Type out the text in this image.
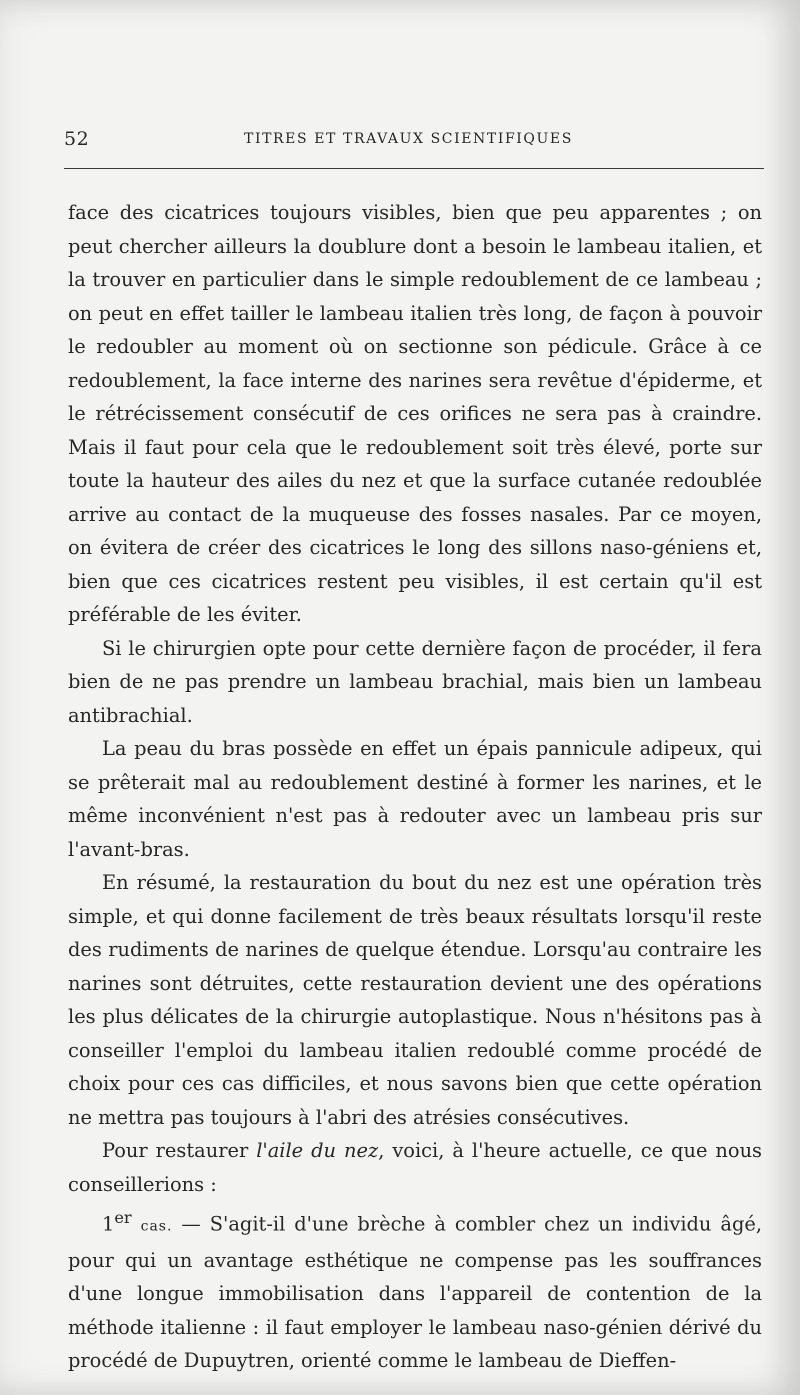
52	TITRES ET TRAVAUX SCIENTIFIQUES

face des cicatrices toujours visibles, bien que peu apparentes ; on peut chercher ailleurs la doublure dont a besoin le lambeau italien, et la trouver en particulier dans le simple redoublement de ce lambeau ; on peut en effet tailler le lambeau italien très long, de façon à pouvoir le redoubler au moment où on sectionne son pédicule. Grâce à ce redoublement, la face interne des narines sera revêtue d'épiderme, et le rétrécissement consécutif de ces orifices ne sera pas à craindre. Mais il faut pour cela que le redoublement soit très élevé, porte sur toute la hauteur des ailes du nez et que la surface cutanée redoublée arrive au contact de la muqueuse des fosses nasales. Par ce moyen, on évitera de créer des cicatrices le long des sillons naso-géniens et, bien que ces cicatrices restent peu visibles, il est certain qu'il est préférable de les éviter.

Si le chirurgien opte pour cette dernière façon de procéder, il fera bien de ne pas prendre un lambeau brachial, mais bien un lambeau antibrachial.

La peau du bras possède en effet un épais pannicule adipeux, qui se prêterait mal au redoublement destiné à former les narines, et le même inconvénient n'est pas à redouter avec un lambeau pris sur l'avant-bras.

En résumé, la restauration du bout du nez est une opération très simple, et qui donne facilement de très beaux résultats lorsqu'il reste des rudiments de narines de quelque étendue. Lorsqu'au contraire les narines sont détruites, cette restauration devient une des opérations les plus délicates de la chirurgie autoplastique. Nous n'hésitons pas à conseiller l'emploi du lambeau italien redoublé comme procédé de choix pour ces cas difficiles, et nous savons bien que cette opération ne mettra pas toujours à l'abri des atrésies consécutives.

Pour restaurer l'aile du nez, voici, à l'heure actuelle, ce que nous conseillerions :

1er cas. — S'agit-il d'une brèche à combler chez un individu âgé, pour qui un avantage esthétique ne compense pas les souffrances d'une longue immobilisation dans l'appareil de contention de la méthode italienne : il faut employer le lambeau naso-génien dérivé du procédé de Dupuytren, orienté comme le lambeau de Dieffen-
